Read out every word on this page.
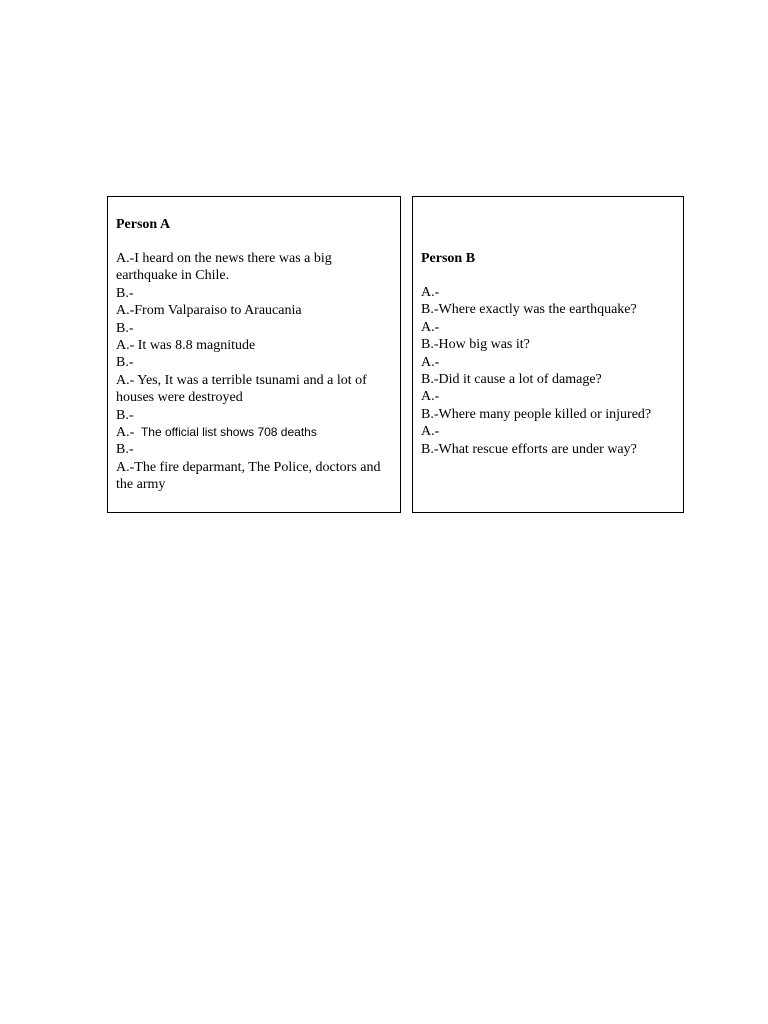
Person A

A.-I heard on the news there was a big earthquake in Chile.

B.-

A.-From Valparaiso to Araucania

B.-

A.- It was 8.8 magnitude

B.-

A.- Yes, It was a terrible tsunami and a lot of houses were destroyed

B.-

A.- The official list shows 708 deaths

B.-

A.-The fire deparmant, The Police, doctors and the army

Person B

A.-

B.-Where exactly was the earthquake?

A.-

B.-How big was it?

A.-

B.-Did it cause a lot of damage?

A.-

B.-Where many people killed or injured?

A.-

B.-What rescue efforts are under way?
